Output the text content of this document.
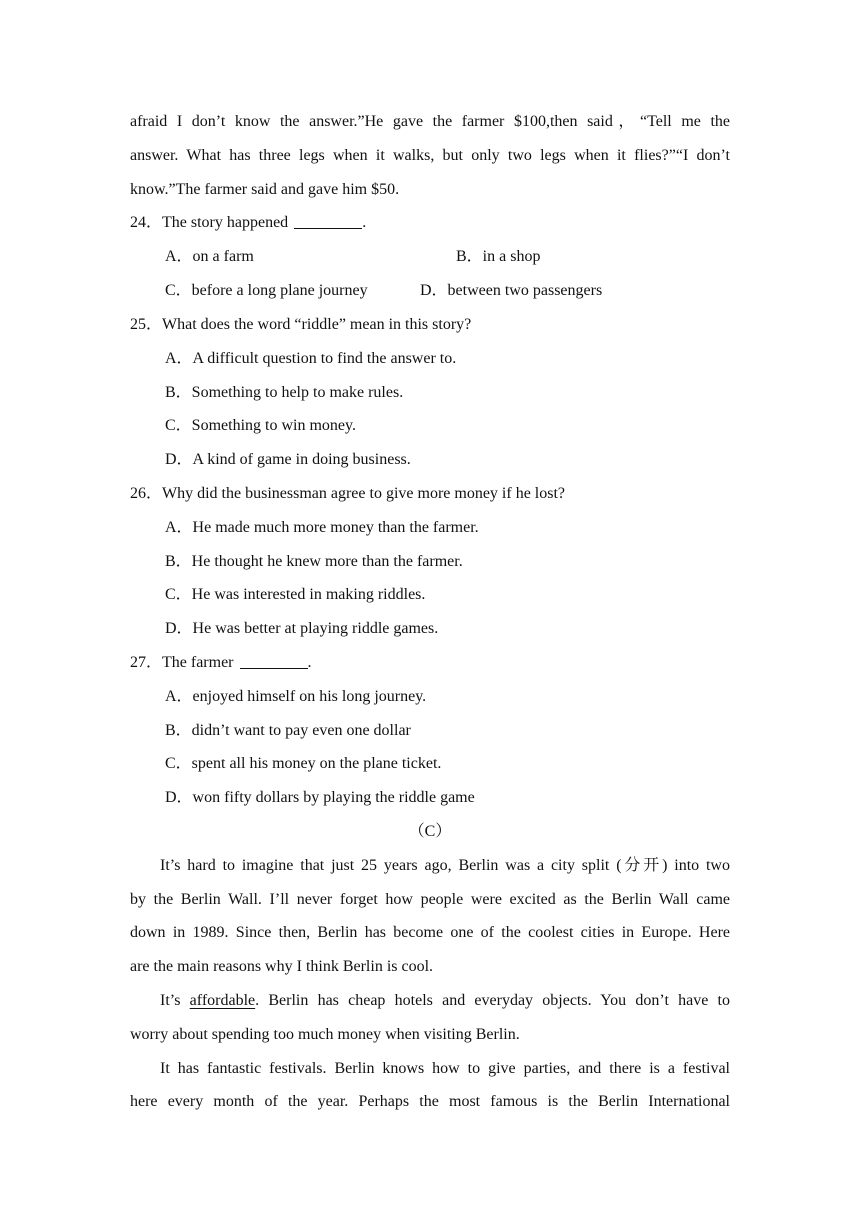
afraid I don’t know the answer.”He gave the farmer $100,then said，“Tell me the
answer. What has three legs when it walks, but only two legs when it flies?”“I don’t
know.”The farmer said and gave him $50.
24．The story happened	.
A．on a farm	B．in a shop
C．before a long plane journey	D．between two passengers
25．What does the word “riddle” mean in this story?
A．A difficult question to find the answer to.
B．Something to help to make rules.
C．Something to win money.
D．A kind of game in doing business.
26．Why did the businessman agree to give more money if he lost?
A．He made much more money than the farmer.
B．He thought he knew more than the farmer.
C．He was interested in making riddles.
D．He was better at playing riddle games.
27．The farmer	.
A．enjoyed himself on his long journey.
B．didn’t want to pay even one dollar
C．spent all his money on the plane ticket.
D．won fifty dollars by playing the riddle game
（C）
It’s hard to imagine that just 25 years ago, Berlin was a city split (分开) into two
by the Berlin Wall. I’ll never forget how people were excited as the Berlin Wall came
down in 1989. Since then, Berlin has become one of the coolest cities in Europe. Here
are the main reasons why I think Berlin is cool.
It’s affordable. Berlin has cheap hotels and everyday objects. You don’t have to
worry about spending too much money when visiting Berlin.
It has fantastic festivals. Berlin knows how to give parties, and there is a festival
here every month of the year. Perhaps the most famous is the Berlin International
